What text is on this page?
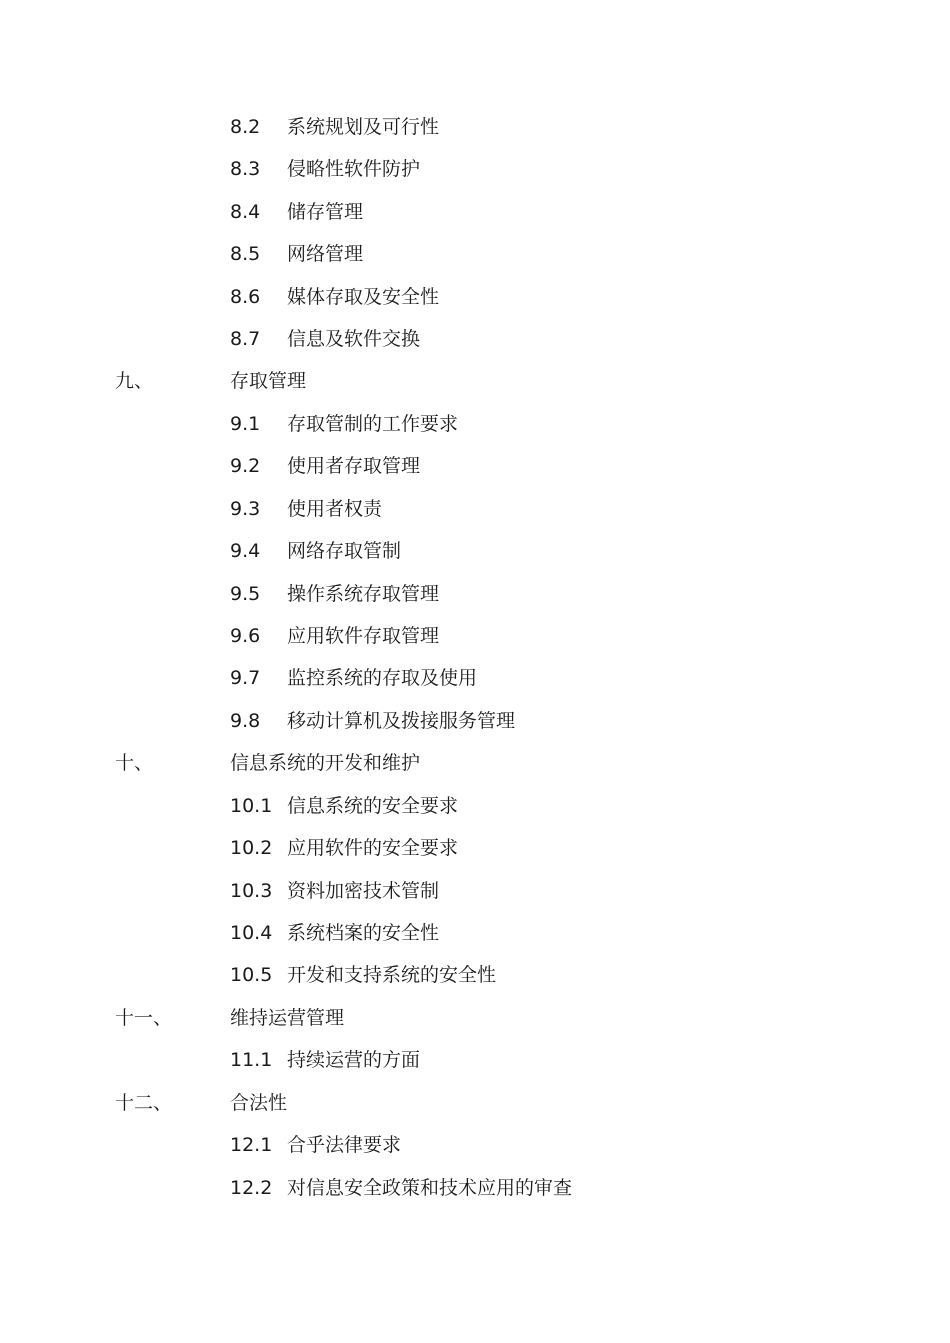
8.2 系统规划及可行性
8.3 侵略性软件防护
8.4 储存管理
8.5 网络管理
8.6 媒体存取及安全性
8.7 信息及软件交换
九、	存取管理
9.1 存取管制的工作要求
9.2 使用者存取管理
9.3 使用者权责
9.4 网络存取管制
9.5 操作系统存取管理
9.6 应用软件存取管理
9.7 监控系统的存取及使用
9.8 移动计算机及拨接服务管理
十、	信息系统的开发和维护
10.1 信息系统的安全要求
10.2 应用软件的安全要求
10.3 资料加密技术管制
10.4 系统档案的安全性
10.5 开发和支持系统的安全性
十一、	维持运营管理
11.1 持续运营的方面
十二、	合法性
12.1 合乎法律要求
12.2 对信息安全政策和技术应用的审查
